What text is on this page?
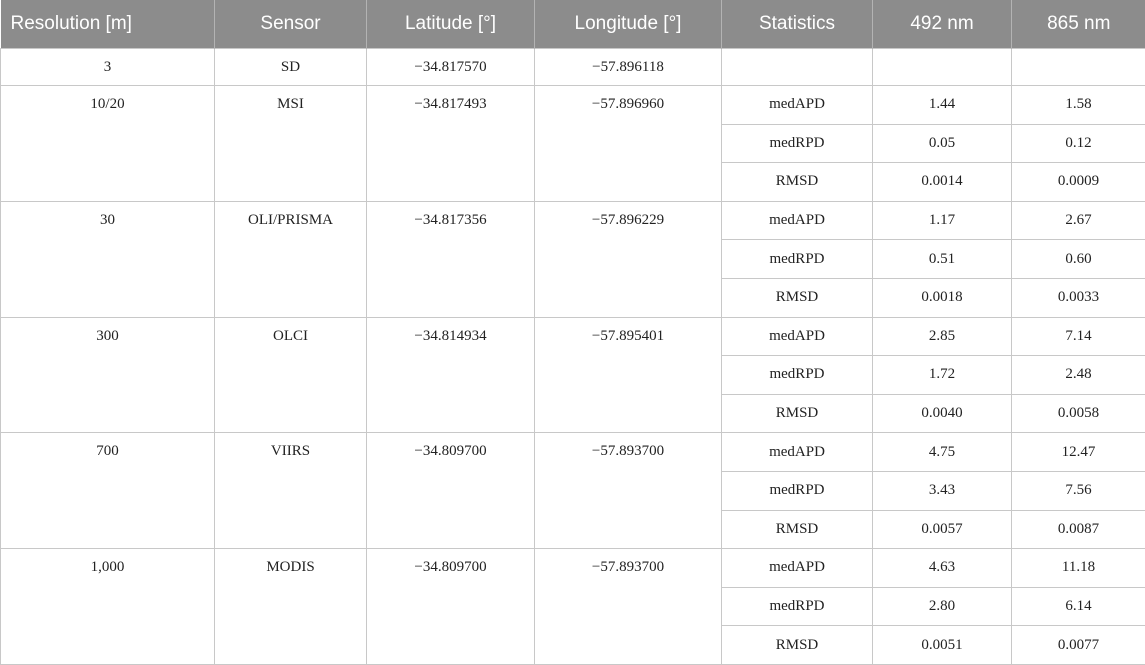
Resolution [m]	Sensor	Latitude [°]	Longitude [°]	Statistics	492 nm	865 nm
3	SD	−34.817570	−57.896118			
10/20	MSI	−34.817493	−57.896960	medAPD	1.44	1.58
				medRPD	0.05	0.12
				RMSD	0.0014	0.0009
30	OLI/PRISMA	−34.817356	−57.896229	medAPD	1.17	2.67
				medRPD	0.51	0.60
				RMSD	0.0018	0.0033
300	OLCI	−34.814934	−57.895401	medAPD	2.85	7.14
				medRPD	1.72	2.48
				RMSD	0.0040	0.0058
700	VIIRS	−34.809700	−57.893700	medAPD	4.75	12.47
				medRPD	3.43	7.56
				RMSD	0.0057	0.0087
1,000	MODIS	−34.809700	−57.893700	medAPD	4.63	11.18
				medRPD	2.80	6.14
				RMSD	0.0051	0.0077
